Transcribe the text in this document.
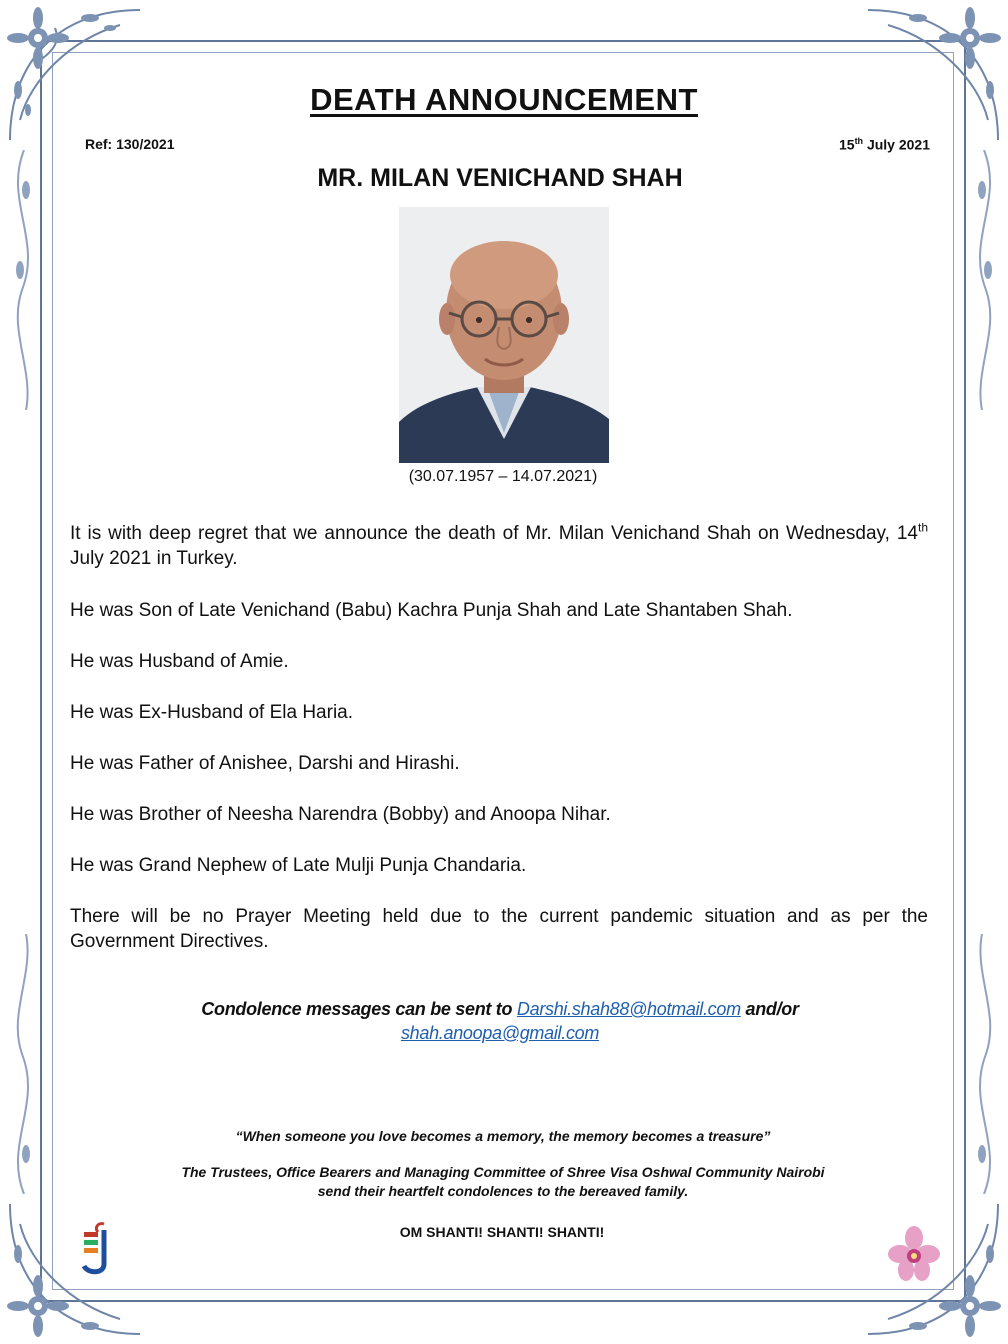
DEATH ANNOUNCEMENT
Ref: 130/2021	15th July 2021
MR. MILAN VENICHAND SHAH
(30.07.1957 – 14.07.2021)
It is with deep regret that we announce the death of Mr. Milan Venichand Shah on Wednesday, 14th July 2021 in Turkey.
He was Son of Late Venichand (Babu) Kachra Punja Shah and Late Shantaben Shah.
He was Husband of Amie.
He was Ex-Husband of Ela Haria.
He was Father of Anishee, Darshi and Hirashi.
He was Brother of Neesha Narendra (Bobby) and Anoopa Nihar.
He was Grand Nephew of Late Mulji Punja Chandaria.
There will be no Prayer Meeting held due to the current pandemic situation and as per the Government Directives.
Condolence messages can be sent to Darshi.shah88@hotmail.com and/or
shah.anoopa@gmail.com
“When someone you love becomes a memory, the memory becomes a treasure”
The Trustees, Office Bearers and Managing Committee of Shree Visa Oshwal Community Nairobi
send their heartfelt condolences to the bereaved family.
OM SHANTI! SHANTI! SHANTI!
